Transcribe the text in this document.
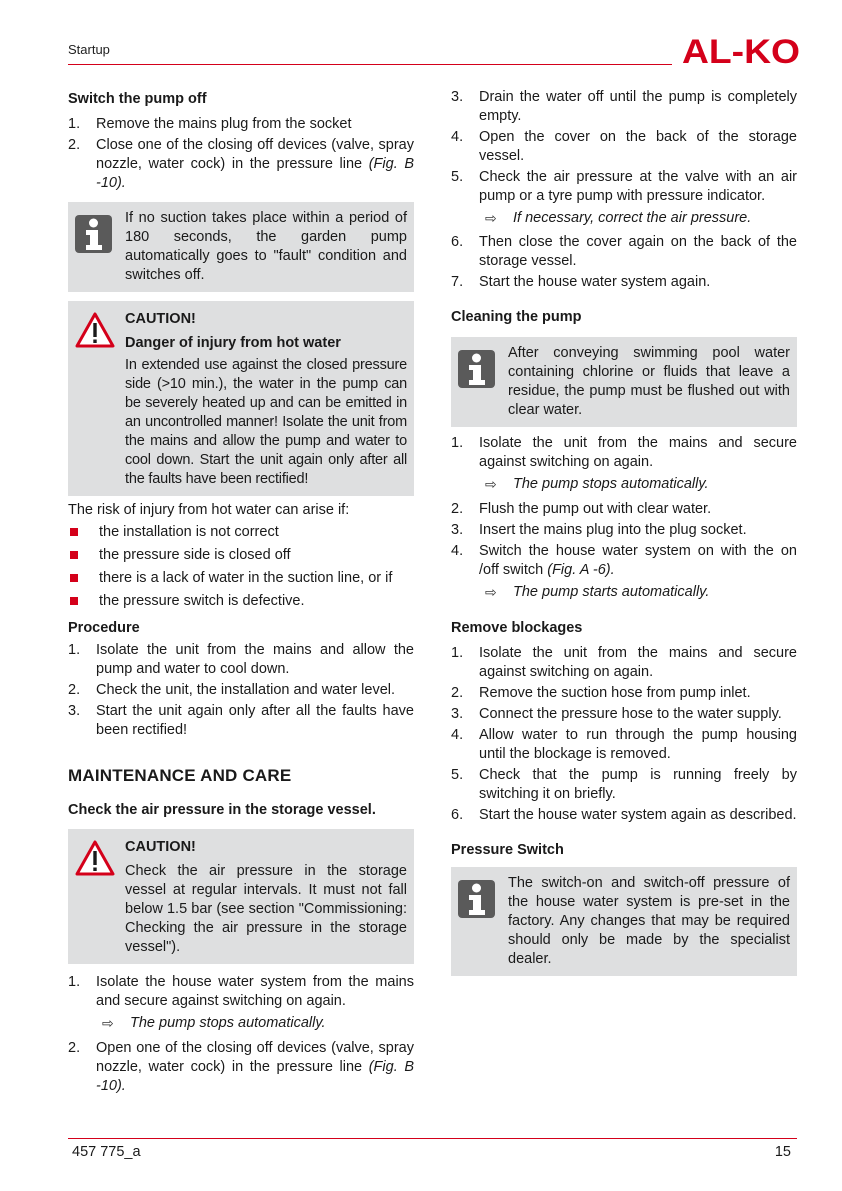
Startup	AL-KO
Switch the pump off
1. Remove the mains plug from the socket
2. Close one of the closing off devices (valve, spray nozzle, water cock) in the pressure line (Fig. B -10).
If no suction takes place within a period of 180 seconds, the garden pump automatically goes to "fault" condition and switches off.
CAUTION!
Danger of injury from hot water
In extended use against the closed pressure side (>10 min.), the water in the pump can be severely heated up and can be emitted in an uncontrolled manner! Isolate the unit from the mains and allow the pump and water to cool down. Start the unit again only after all the faults have been rectified!
The risk of injury from hot water can arise if:
the installation is not correct
the pressure side is closed off
there is a lack of water in the suction line, or if
the pressure switch is defective.
Procedure
1. Isolate the unit from the mains and allow the pump and water to cool down.
2. Check the unit, the installation and water level.
3. Start the unit again only after all the faults have been rectified!
MAINTENANCE AND CARE
Check the air pressure in the storage vessel.
CAUTION!
Check the air pressure in the storage vessel at regular intervals. It must not fall below 1.5 bar (see section "Commissioning: Checking the air pressure in the storage vessel").
1. Isolate the house water system from the mains and secure against switching on again.
⇨ The pump stops automatically.
2. Open one of the closing off devices (valve, spray nozzle, water cock) in the pressure line (Fig. B -10).
3. Drain the water off until the pump is completely empty.
4. Open the cover on the back of the storage vessel.
5. Check the air pressure at the valve with an air pump or a tyre pump with pressure indicator.
⇨ If necessary, correct the air pressure.
6. Then close the cover again on the back of the storage vessel.
7. Start the house water system again.
Cleaning the pump
After conveying swimming pool water containing chlorine or fluids that leave a residue, the pump must be flushed out with clear water.
1. Isolate the unit from the mains and secure against switching on again.
⇨ The pump stops automatically.
2. Flush the pump out with clear water.
3. Insert the mains plug into the plug socket.
4. Switch the house water system on with the on /off switch (Fig. A -6).
⇨ The pump starts automatically.
Remove blockages
1. Isolate the unit from the mains and secure against switching on again.
2. Remove the suction hose from pump inlet.
3. Connect the pressure hose to the water supply.
4. Allow water to run through the pump housing until the blockage is removed.
5. Check that the pump is running freely by switching it on briefly.
6. Start the house water system again as described.
Pressure Switch
The switch-on and switch-off pressure of the house water system is pre-set in the factory. Any changes that may be required should only be made by the specialist dealer.
457 775_a	15
